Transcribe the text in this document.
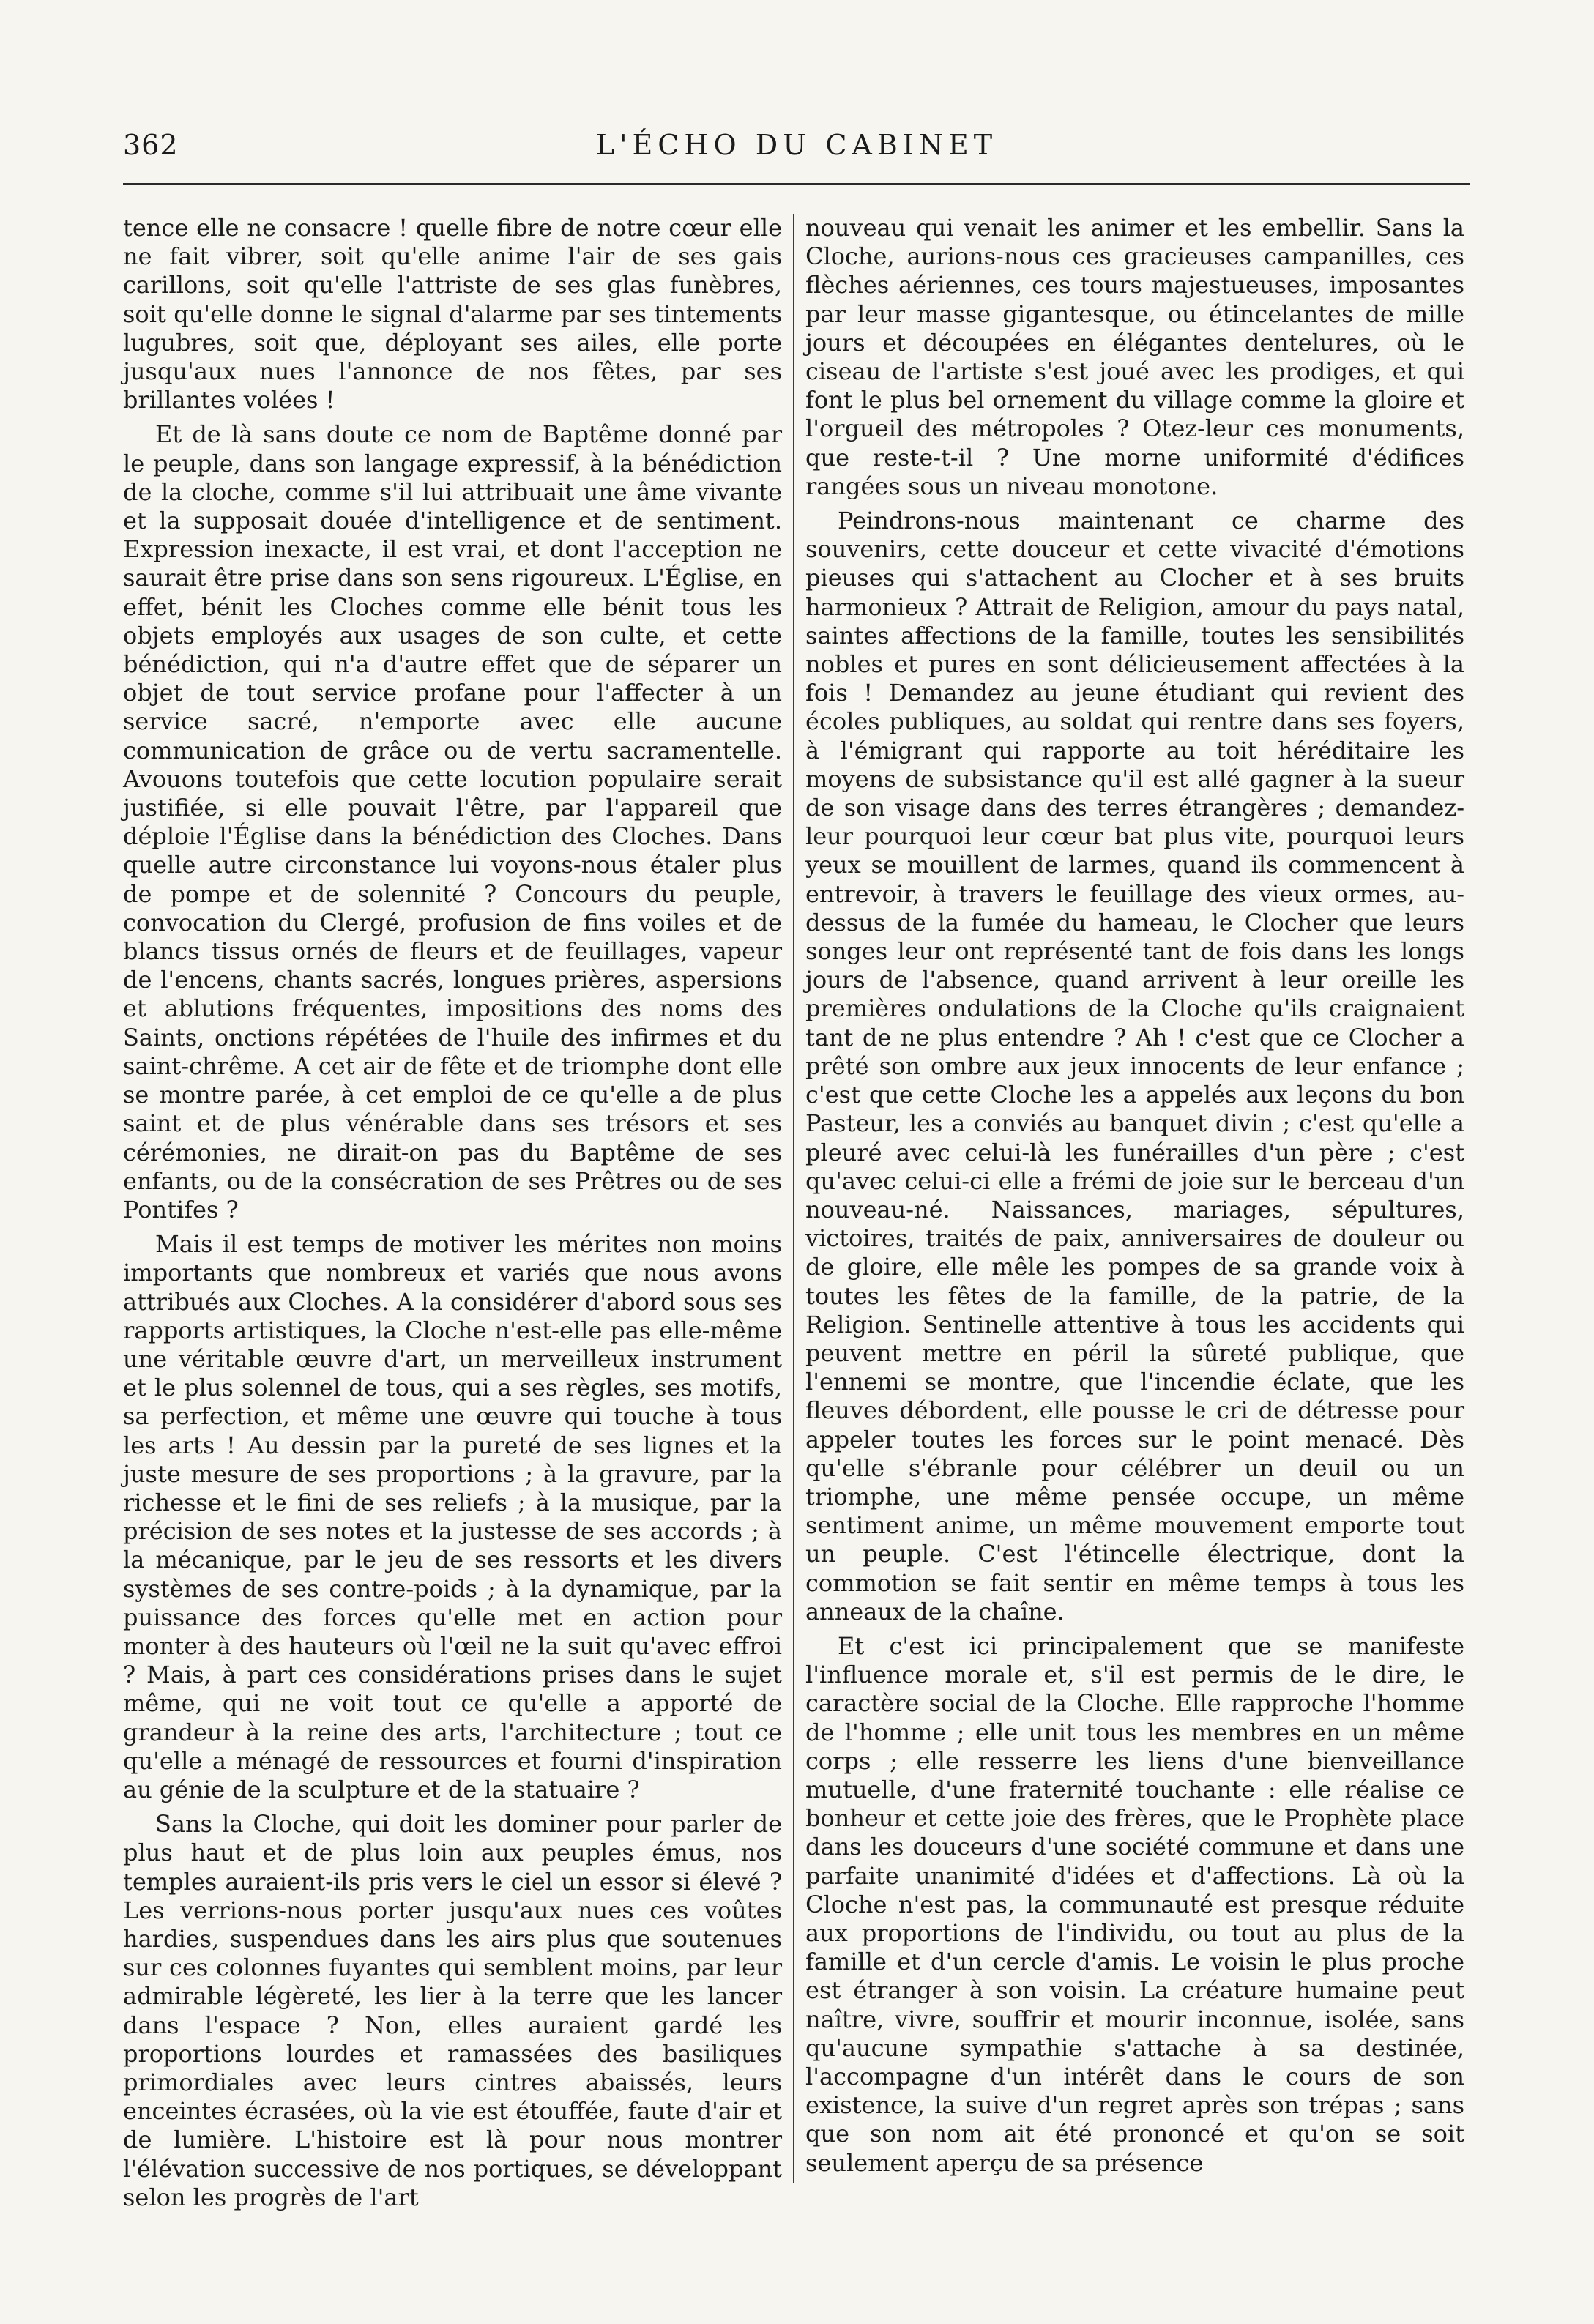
362	L'ÉCHO DU CABINET

tence elle ne consacre ! quelle fibre de notre cœur elle ne fait vibrer, soit qu'elle anime l'air de ses gais carillons, soit qu'elle l'attriste de ses glas funèbres, soit qu'elle donne le signal d'alarme par ses tintements lugubres, soit que, déployant ses ailes, elle porte jusqu'aux nues l'annonce de nos fêtes, par ses brillantes volées !

Et de là sans doute ce nom de Baptême donné par le peuple, dans son langage expressif, à la bénédiction de la cloche, comme s'il lui attribuait une âme vivante et la supposait douée d'intelligence et de sentiment. Expression inexacte, il est vrai, et dont l'acception ne saurait être prise dans son sens rigoureux. L'Église, en effet, bénit les Cloches comme elle bénit tous les objets employés aux usages de son culte, et cette bénédiction, qui n'a d'autre effet que de séparer un objet de tout service profane pour l'affecter à un service sacré, n'emporte avec elle aucune communication de grâce ou de vertu sacramentelle. Avouons toutefois que cette locution populaire serait justifiée, si elle pouvait l'être, par l'appareil que déploie l'Église dans la bénédiction des Cloches. Dans quelle autre circonstance lui voyons-nous étaler plus de pompe et de solennité ? Concours du peuple, convocation du Clergé, profusion de fins voiles et de blancs tissus ornés de fleurs et de feuillages, vapeur de l'encens, chants sacrés, longues prières, aspersions et ablutions fréquentes, impositions des noms des Saints, onctions répétées de l'huile des infirmes et du saint-chrême. A cet air de fête et de triomphe dont elle se montre parée, à cet emploi de ce qu'elle a de plus saint et de plus vénérable dans ses trésors et ses cérémonies, ne dirait-on pas du Baptême de ses enfants, ou de la consécration de ses Prêtres ou de ses Pontifes ?

Mais il est temps de motiver les mérites non moins importants que nombreux et variés que nous avons attribués aux Cloches. A la considérer d'abord sous ses rapports artistiques, la Cloche n'est-elle pas elle-même une véritable œuvre d'art, un merveilleux instrument et le plus solennel de tous, qui a ses règles, ses motifs, sa perfection, et même une œuvre qui touche à tous les arts ! Au dessin par la pureté de ses lignes et la juste mesure de ses proportions ; à la gravure, par la richesse et le fini de ses reliefs ; à la musique, par la précision de ses notes et la justesse de ses accords ; à la mécanique, par le jeu de ses ressorts et les divers systèmes de ses contre-poids ; à la dynamique, par la puissance des forces qu'elle met en action pour monter à des hauteurs où l'œil ne la suit qu'avec effroi ? Mais, à part ces considérations prises dans le sujet même, qui ne voit tout ce qu'elle a apporté de grandeur à la reine des arts, l'architecture ; tout ce qu'elle a ménagé de ressources et fourni d'inspiration au génie de la sculpture et de la statuaire ?

Sans la Cloche, qui doit les dominer pour parler de plus haut et de plus loin aux peuples émus, nos temples auraient-ils pris vers le ciel un essor si élevé ? Les verrions-nous porter jusqu'aux nues ces voûtes hardies, suspendues dans les airs plus que soutenues sur ces colonnes fuyantes qui semblent moins, par leur admirable légèreté, les lier à la terre que les lancer dans l'espace ? Non, elles auraient gardé les proportions lourdes et ramassées des basiliques primordiales avec leurs cintres abaissés, leurs enceintes écrasées, où la vie est étouffée, faute d'air et de lumière. L'histoire est là pour nous montrer l'élévation successive de nos portiques, se développant selon les progrès de l'art

nouveau qui venait les animer et les embellir. Sans la Cloche, aurions-nous ces gracieuses campanilles, ces flèches aériennes, ces tours majestueuses, imposantes par leur masse gigantesque, ou étincelantes de mille jours et découpées en élégantes dentelures, où le ciseau de l'artiste s'est joué avec les prodiges, et qui font le plus bel ornement du village comme la gloire et l'orgueil des métropoles ? Otez-leur ces monuments, que reste-t-il ? Une morne uniformité d'édifices rangées sous un niveau monotone.

Peindrons-nous maintenant ce charme des souvenirs, cette douceur et cette vivacité d'émotions pieuses qui s'attachent au Clocher et à ses bruits harmonieux ? Attrait de Religion, amour du pays natal, saintes affections de la famille, toutes les sensibilités nobles et pures en sont délicieusement affectées à la fois ! Demandez au jeune étudiant qui revient des écoles publiques, au soldat qui rentre dans ses foyers, à l'émigrant qui rapporte au toit héréditaire les moyens de subsistance qu'il est allé gagner à la sueur de son visage dans des terres étrangères ; demandez-leur pourquoi leur cœur bat plus vite, pourquoi leurs yeux se mouillent de larmes, quand ils commencent à entrevoir, à travers le feuillage des vieux ormes, au-dessus de la fumée du hameau, le Clocher que leurs songes leur ont représenté tant de fois dans les longs jours de l'absence, quand arrivent à leur oreille les premières ondulations de la Cloche qu'ils craignaient tant de ne plus entendre ? Ah ! c'est que ce Clocher a prêté son ombre aux jeux innocents de leur enfance ; c'est que cette Cloche les a appelés aux leçons du bon Pasteur, les a conviés au banquet divin ; c'est qu'elle a pleuré avec celui-là les funérailles d'un père ; c'est qu'avec celui-ci elle a frémi de joie sur le berceau d'un nouveau-né. Naissances, mariages, sépultures, victoires, traités de paix, anniversaires de douleur ou de gloire, elle mêle les pompes de sa grande voix à toutes les fêtes de la famille, de la patrie, de la Religion. Sentinelle attentive à tous les accidents qui peuvent mettre en péril la sûreté publique, que l'ennemi se montre, que l'incendie éclate, que les fleuves débordent, elle pousse le cri de détresse pour appeler toutes les forces sur le point menacé. Dès qu'elle s'ébranle pour célébrer un deuil ou un triomphe, une même pensée occupe, un même sentiment anime, un même mouvement emporte tout un peuple. C'est l'étincelle électrique, dont la commotion se fait sentir en même temps à tous les anneaux de la chaîne.

Et c'est ici principalement que se manifeste l'influence morale et, s'il est permis de le dire, le caractère social de la Cloche. Elle rapproche l'homme de l'homme ; elle unit tous les membres en un même corps ; elle resserre les liens d'une bienveillance mutuelle, d'une fraternité touchante : elle réalise ce bonheur et cette joie des frères, que le Prophète place dans les douceurs d'une société commune et dans une parfaite unanimité d'idées et d'affections. Là où la Cloche n'est pas, la communauté est presque réduite aux proportions de l'individu, ou tout au plus de la famille et d'un cercle d'amis. Le voisin le plus proche est étranger à son voisin. La créature humaine peut naître, vivre, souffrir et mourir inconnue, isolée, sans qu'aucune sympathie s'attache à sa destinée, l'accompagne d'un intérêt dans le cours de son existence, la suive d'un regret après son trépas ; sans que son nom ait été prononcé et qu'on se soit seulement aperçu de sa présence
